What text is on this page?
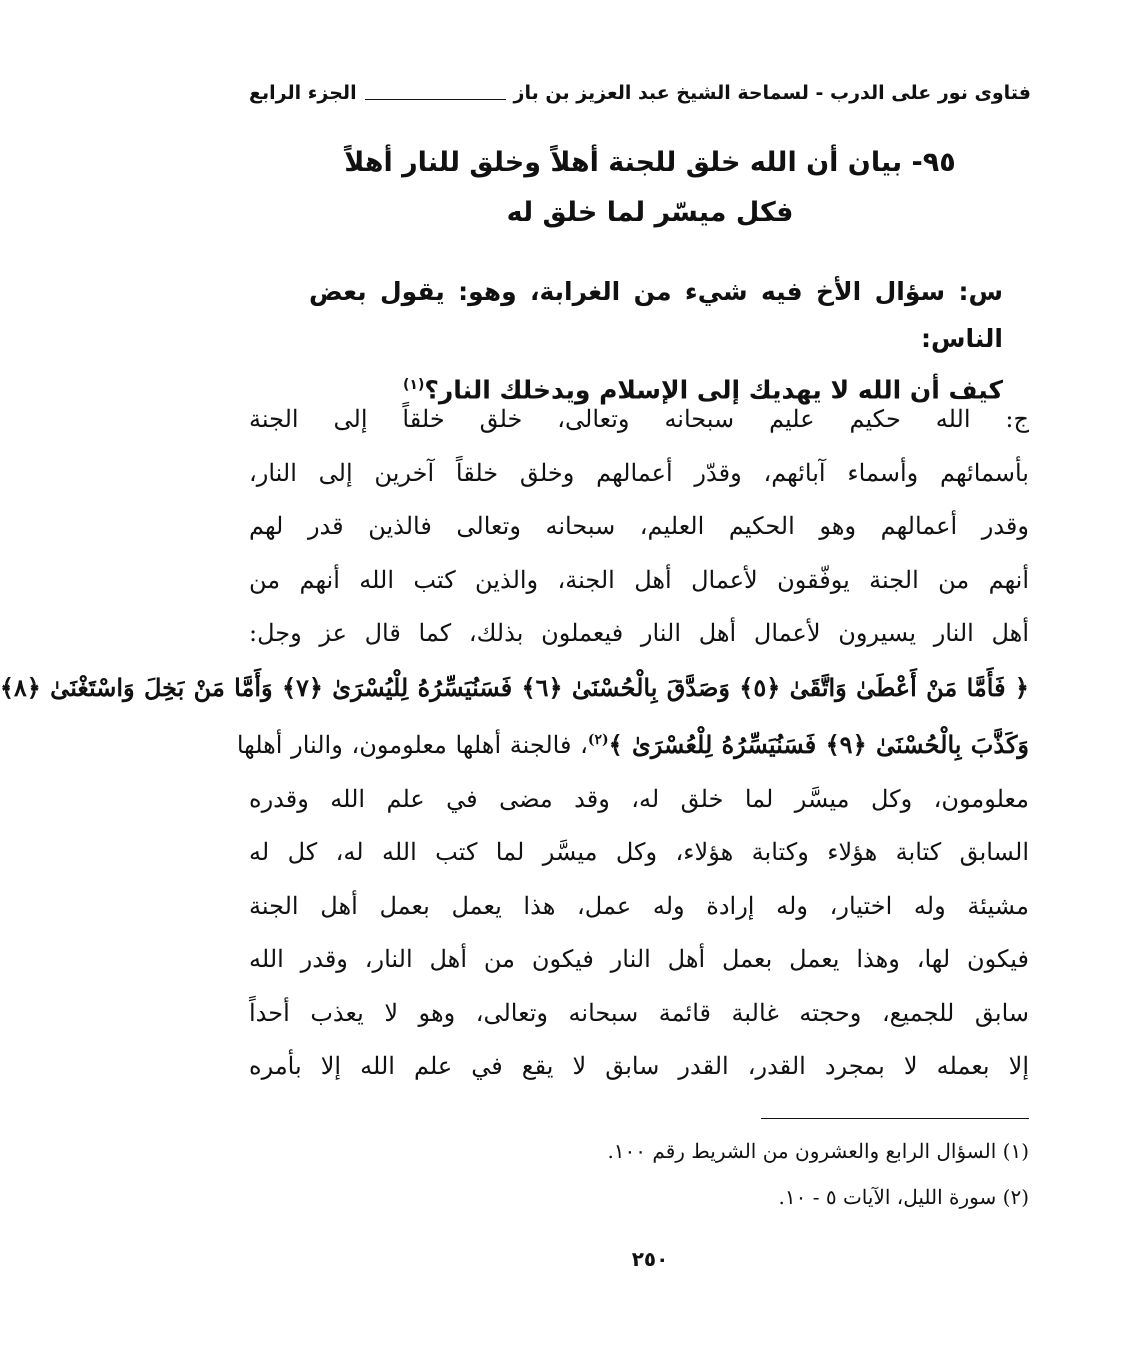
فتاوى نور على الدرب - لسماحة الشيخ عبد العزيز بن باز
الجزء الرابع
٩٥- بيان أن الله خلق للجنة أهلاً وخلق للنار أهلاً
فكل ميسّر لما خلق له
س: سؤال الأخ فيه شيء من الغرابة، وهو: يقول بعض الناس:
كيف أن الله لا يهديك إلى الإسلام ويدخلك النار؟$^{(١)}$
ج: الله حكيم عليم سبحانه وتعالى، خلق خلقاً إلى الجنة
بأسمائهم وأسماء آبائهم، وقدّر أعمالهم وخلق خلقاً آخرين إلى النار،
وقدر أعمالهم وهو الحكيم العليم، سبحانه وتعالى فالذين قدر لهم
أنهم من الجنة يوفّقون لأعمال أهل الجنة، والذين كتب الله أنهم من
أهل النار يسيرون لأعمال أهل النار فيعملون بذلك، كما قال عز وجل:
﴿ فَأَمَّا مَنْ أَعْطَىٰ وَاتَّقَىٰ ﴿٥﴾ وَصَدَّقَ بِالْحُسْنَىٰ ﴿٦﴾ فَسَنُيَسِّرُهُ لِلْيُسْرَىٰ ﴿٧﴾ وَأَمَّا مَنْ بَخِلَ وَاسْتَغْنَىٰ ﴿٨﴾
وَكَذَّبَ بِالْحُسْنَىٰ ﴿٩﴾ فَسَنُيَسِّرُهُ لِلْعُسْرَىٰ ﴾$^{(٢)}$، فالجنة أهلها معلومون، والنار أهلها
معلومون، وكل ميسَّر لما خلق له، وقد مضى في علم الله وقدره
السابق كتابة هؤلاء وكتابة هؤلاء، وكل ميسَّر لما كتب الله له، كل له
مشيئة وله اختيار، وله إرادة وله عمل، هذا يعمل بعمل أهل الجنة
فيكون لها، وهذا يعمل بعمل أهل النار فيكون من أهل النار، وقدر الله
سابق للجميع، وحجته غالبة قائمة سبحانه وتعالى، وهو لا يعذب أحداً
إلا بعمله لا بمجرد القدر، القدر سابق لا يقع في علم الله إلا بأمره
(١) السؤال الرابع والعشرون من الشريط رقم ١٠٠.
(٢) سورة الليل، الآيات ٥ - ١٠.
٢٥٠
